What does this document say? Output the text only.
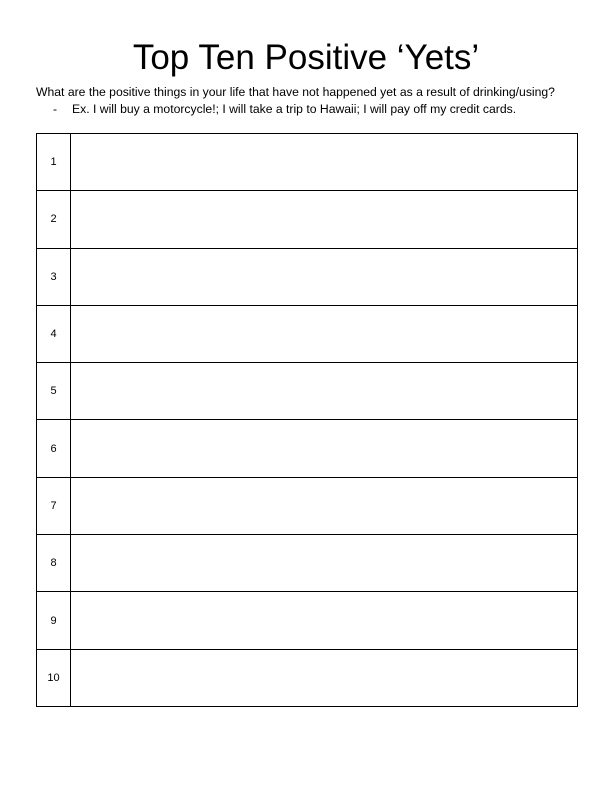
Top Ten Positive ‘Yets’
What are the positive things in your life that have not happened yet as a result of drinking/using?
- Ex. I will buy a motorcycle!; I will take a trip to Hawaii; I will pay off my credit cards.
1	
2	
3	
4	
5	
6	
7	
8	
9	
10	
